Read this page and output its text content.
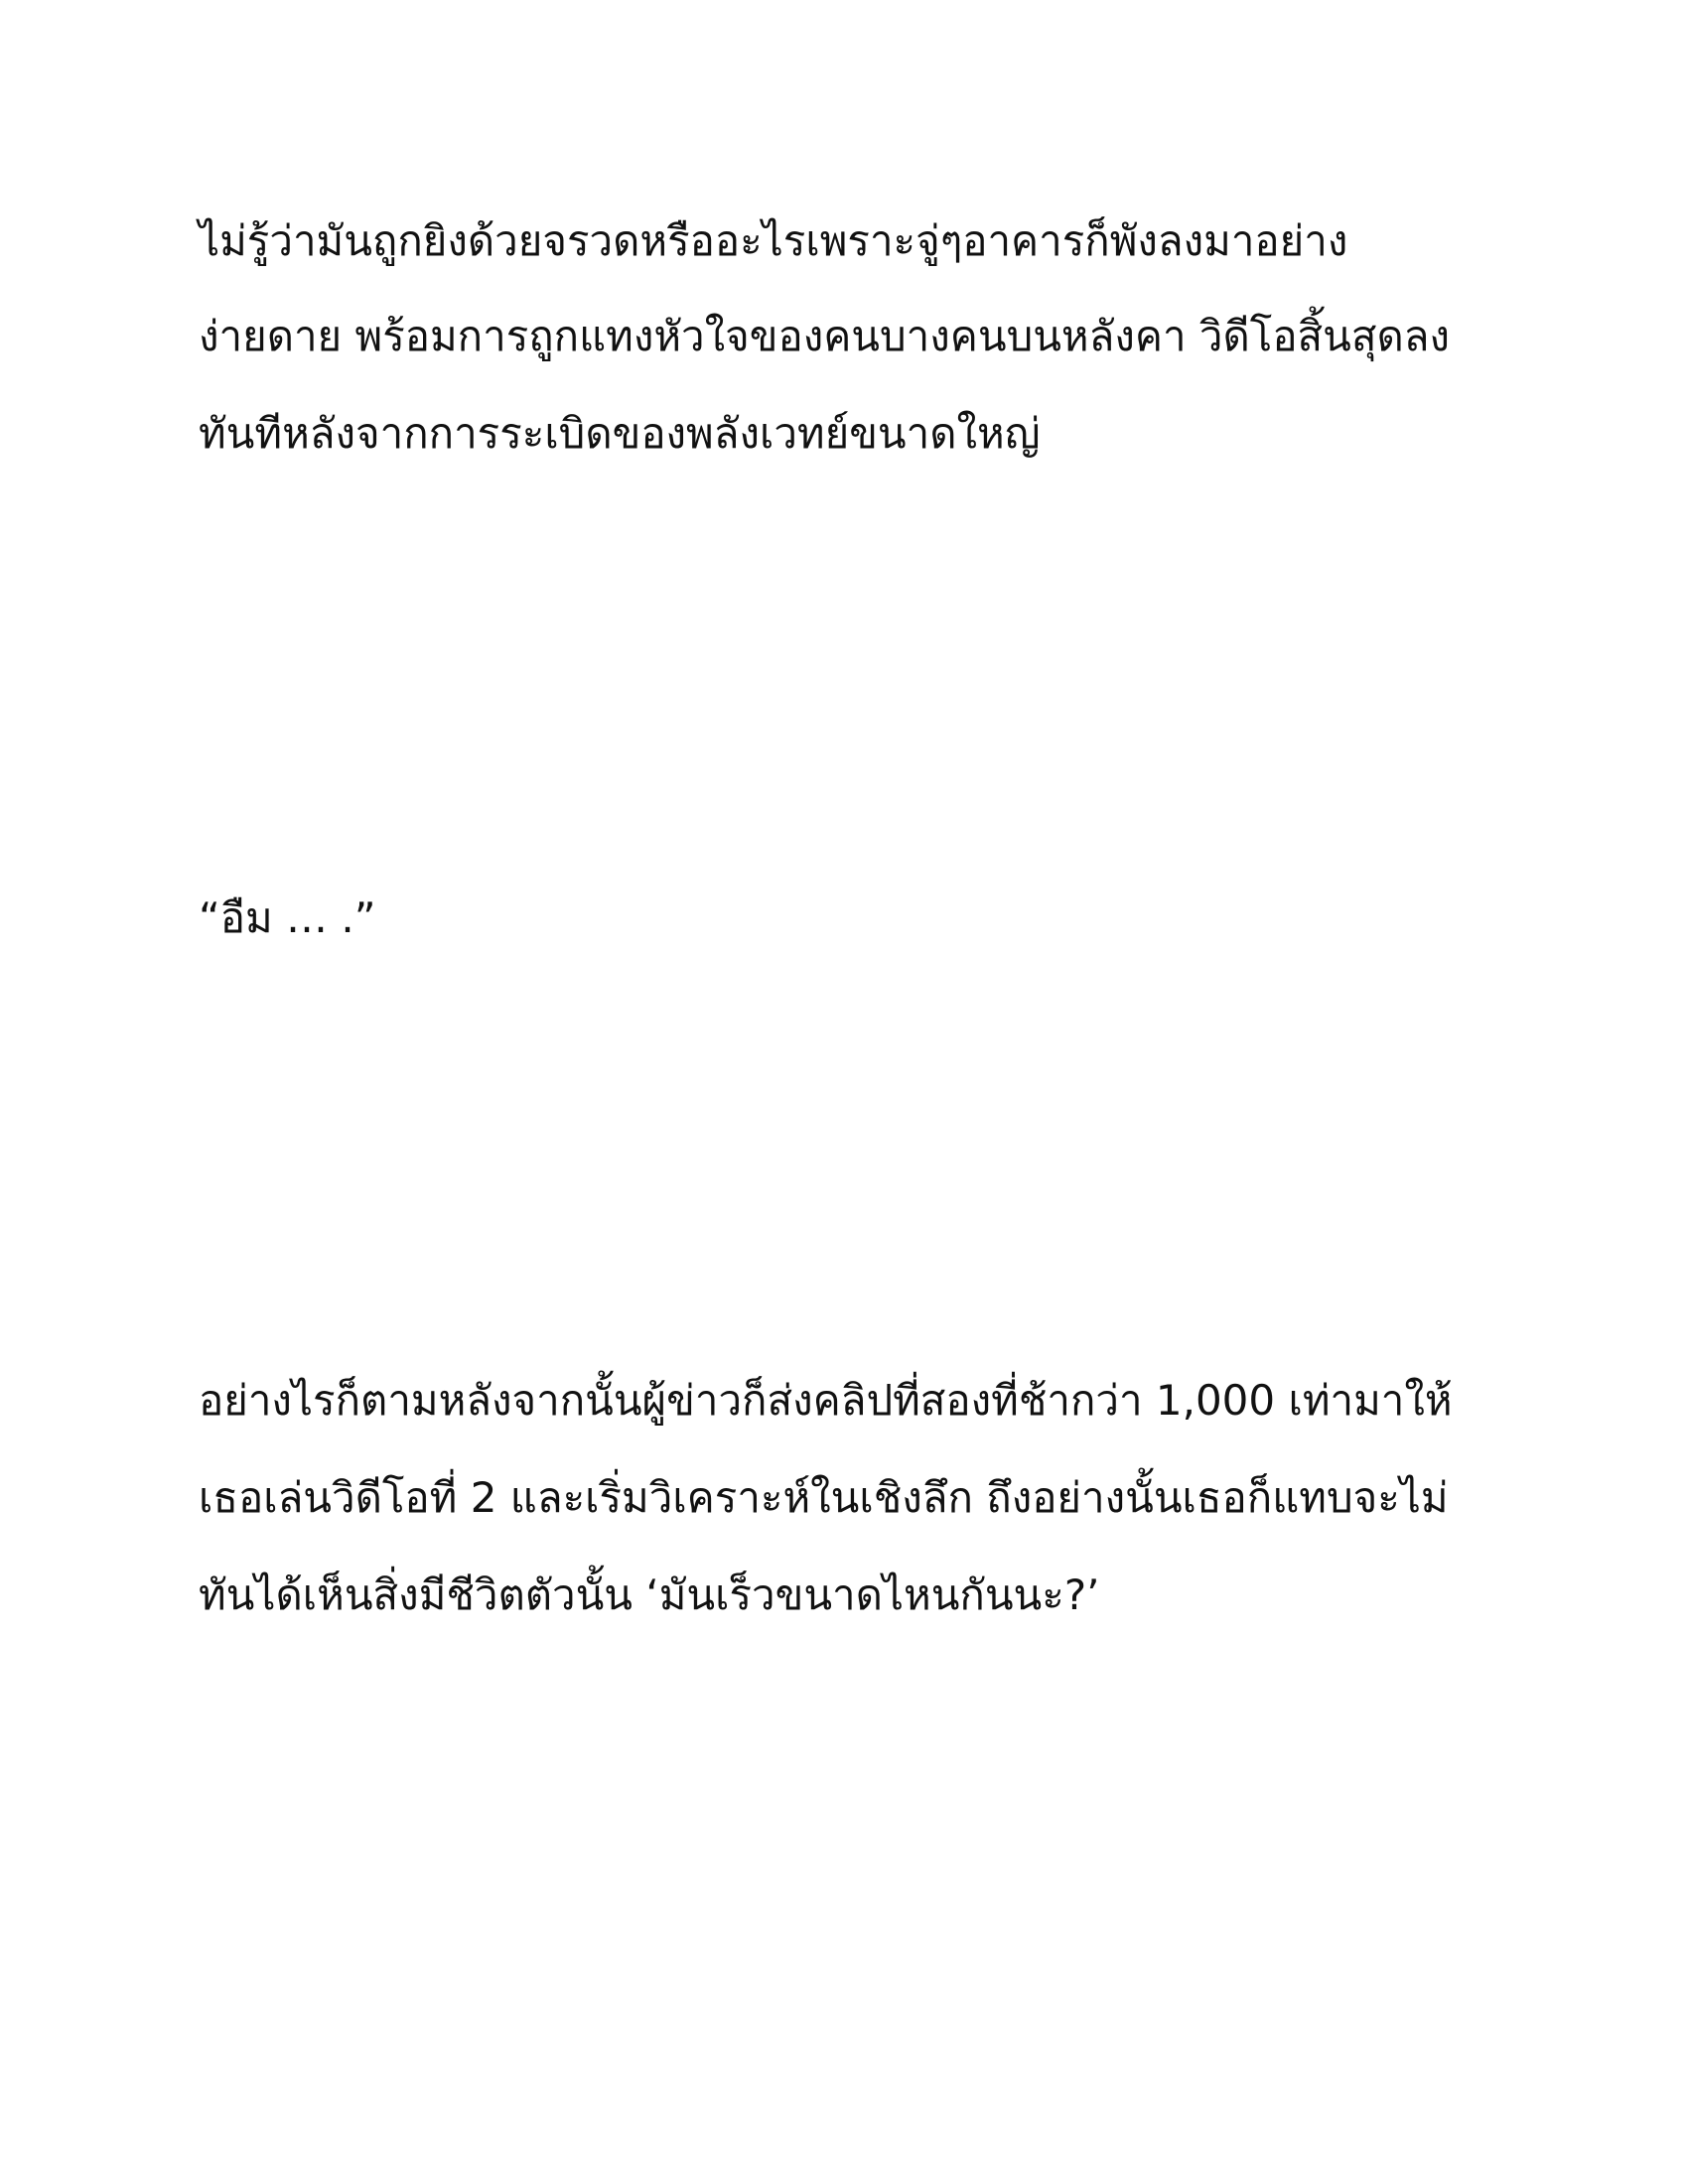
ไม่รู้ว่ามันถูกยิงด้วยจรวดหรืออะไรเพราะจู่ๆอาคารก็พังลงมาอย่าง

ง่ายดาย พร้อมการถูกแทงหัวใจของคนบางคนบนหลังคา วิดีโอสิ้นสุดลง

ทันทีหลังจากการระเบิดของพลังเวทย์ขนาดใหญ่

“อืม … .”

อย่างไรก็ตามหลังจากนั้นผู้ข่าวก็ส่งคลิปที่สองที่ช้ากว่า 1,000 เท่ามาให้

เธอเล่นวิดีโอที่ 2 และเริ่มวิเคราะห์ในเชิงลึก ถึงอย่างนั้นเธอก็แทบจะไม่

ทันได้เห็นสิ่งมีชีวิตตัวนั้น ‘มันเร็วขนาดไหนกันนะ?’
